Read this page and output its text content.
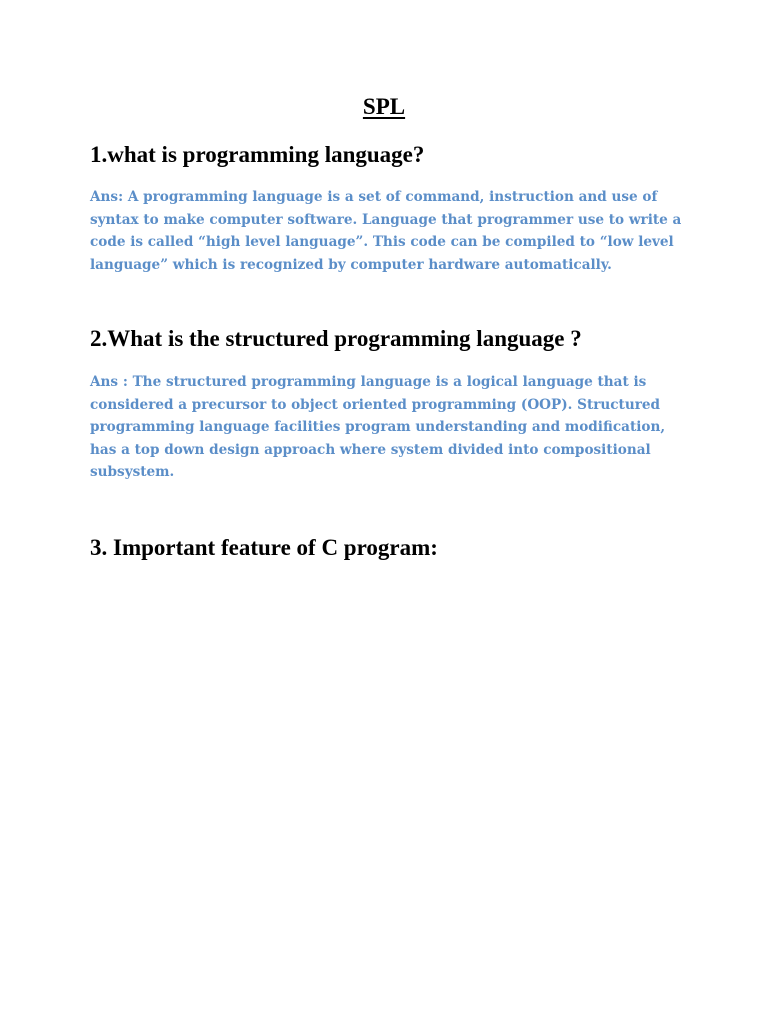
SPL
1.what is programming language?

Ans: A programming language is a set of command, instruction and use of
syntax to make computer software. Language that programmer use to write a
code is called “high level language”. This code can be compiled to “low level
language” which is recognized by computer hardware automatically.

2.What is the structured programming language ?

Ans : The structured programming language is a logical language that is
considered a precursor to object oriented programming (OOP). Structured
programming language facilities program understanding and modification,
has a top down design approach where system divided into compositional
subsystem.

3. Important feature of C program:
